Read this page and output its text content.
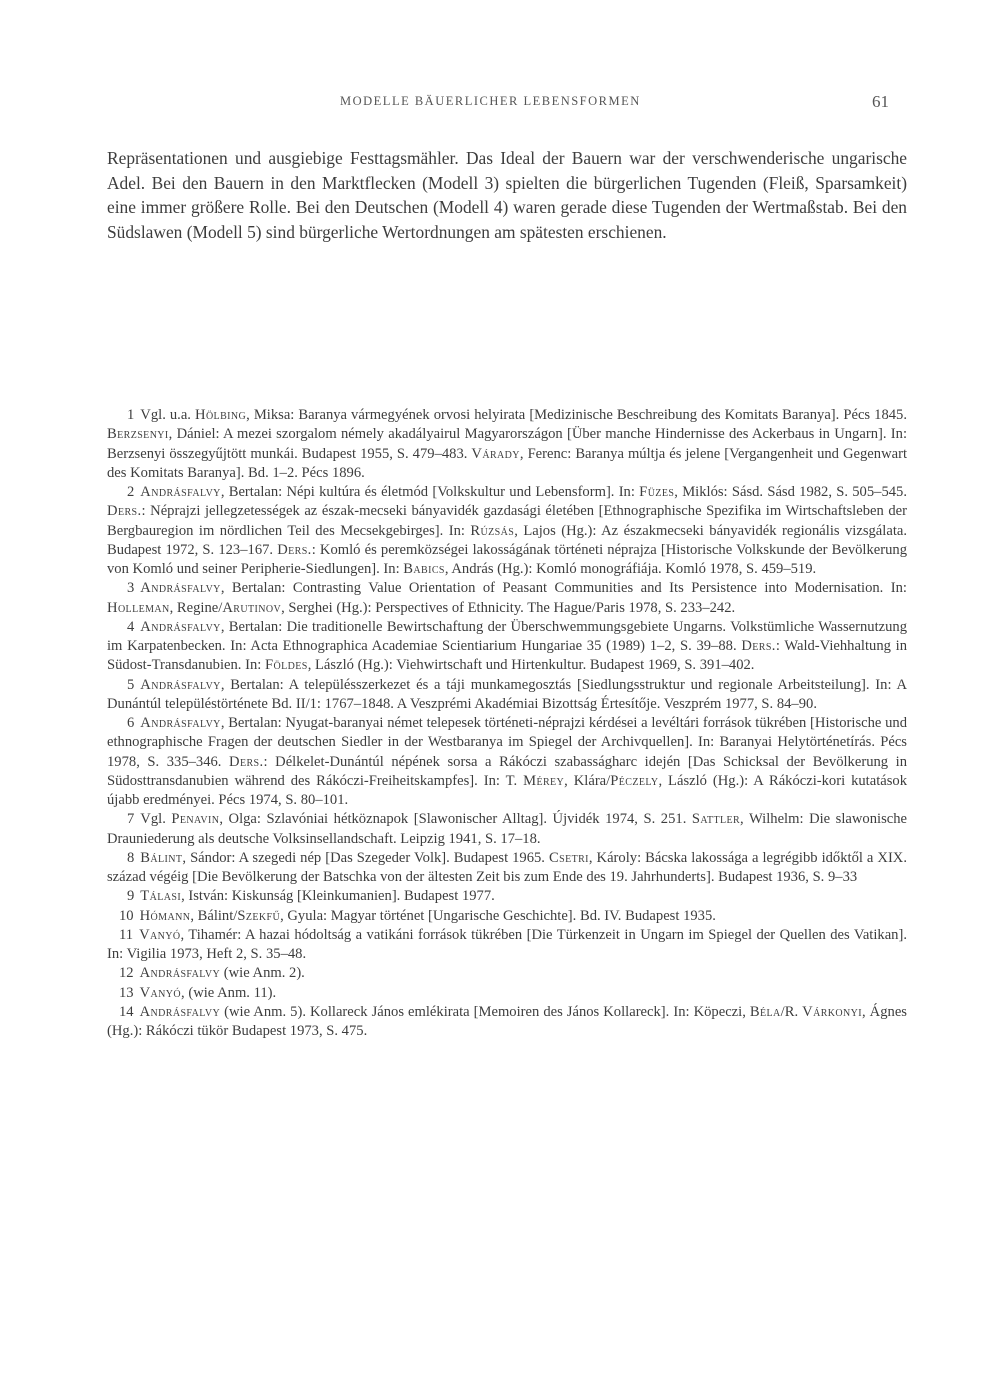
MODELLE BÄUERLICHER LEBENSFORMEN	61

Repräsentationen und ausgiebige Festtagsmähler. Das Ideal der Bauern war der verschwenderische ungarische Adel. Bei den Bauern in den Marktflecken (Modell 3) spielten die bürgerlichen Tugenden (Fleiß, Sparsamkeit) eine immer größere Rolle. Bei den Deutschen (Modell 4) waren gerade diese Tugenden der Wertmaßstab. Bei den Südslawen (Modell 5) sind bürgerliche Wertordnungen am spätesten erschienen.

1 Vgl. u.a. Hölbing, Miksa: Baranya vármegyének orvosi helyirata [Medizinische Beschreibung des Komitats Baranya]. Pécs 1845. Berzsenyi, Dániel: A mezei szorgalom némely akadályairul Magyarországon [Über manche Hindernisse des Ackerbaus in Ungarn]. In: Berzsenyi összegyűjtött munkái. Budapest 1955, S. 479–483. Várady, Ferenc: Baranya múltja és jelene [Vergangenheit und Gegenwart des Komitats Baranya]. Bd. 1–2. Pécs 1896.
2 Andrásfalvy, Bertalan: Népi kultúra és életmód [Volkskultur und Lebensform]. In: Füzes, Miklós: Sásd. Sásd 1982, S. 505–545. Ders.: Néprajzi jellegzetességek az észak-mecseki bányavidék gazdasági életében [Ethnographische Spezifika im Wirtschaftsleben der Bergbauregion im nördlichen Teil des Mecsekgebirges]. In: Rúzsás, Lajos (Hg.): Az északmecseki bányavidék regionális vizsgálata. Budapest 1972, S. 123–167. Ders.: Komló és peremközségei lakosságának történeti néprajza [Historische Volkskunde der Bevölkerung von Komló und seiner Peripherie-Siedlungen]. In: Babics, András (Hg.): Komló monográfiája. Komló 1978, S. 459–519.
3 Andrásfalvy, Bertalan: Contrasting Value Orientation of Peasant Communities and Its Persistence into Modernisation. In: Holleman, Regine/Arutinov, Serghei (Hg.): Perspectives of Ethnicity. The Hague/Paris 1978, S. 233–242.
4 Andrásfalvy, Bertalan: Die traditionelle Bewirtschaftung der Überschwemmungsgebiete Ungarns. Volkstümliche Wassernutzung im Karpatenbecken. In: Acta Ethnographica Academiae Scientiarium Hungariae 35 (1989) 1–2, S. 39–88. Ders.: Wald-Viehhaltung in Südost-Transdanubien. In: Földes, László (Hg.): Viehwirtschaft und Hirtenkultur. Budapest 1969, S. 391–402.
5 Andrásfalvy, Bertalan: A településszerkezet és a táji munkamegosztás [Siedlungsstruktur und regionale Arbeitsteilung]. In: A Dunántúl településtörténete Bd. II/1: 1767–1848. A Veszprémi Akadémiai Bizottság Értesítője. Veszprém 1977, S. 84–90.
6 Andrásfalvy, Bertalan: Nyugat-baranyai német telepesek történeti-néprajzi kérdései a levéltári források tükrében [Historische und ethnographische Fragen der deutschen Siedler in der Westbaranya im Spiegel der Archivquellen]. In: Baranyai Helytörténetírás. Pécs 1978, S. 335–346. Ders.: Délkelet-Dunántúl népének sorsa a Rákóczi szabasságharc idején [Das Schicksal der Bevölkerung in Südosttransdanubien während des Rákóczi-Freiheitskampfes]. In: T. Mérey, Klára/Péczely, László (Hg.): A Rákóczi-kori kutatások újabb eredményei. Pécs 1974, S. 80–101.
7 Vgl. Penavin, Olga: Szlavóniai hétköznapok [Slawonischer Alltag]. Újvidék 1974, S. 251. Sattler, Wilhelm: Die slawonische Drauniederung als deutsche Volksinsellandschaft. Leipzig 1941, S. 17–18.
8 Bálint, Sándor: A szegedi nép [Das Szegeder Volk]. Budapest 1965. Csetri, Károly: Bácska lakossága a legrégibb időktől a XIX. század végéig [Die Bevölkerung der Batschka von der ältesten Zeit bis zum Ende des 19. Jahrhunderts]. Budapest 1936, S. 9–33
9 Tálasi, István: Kiskunság [Kleinkumanien]. Budapest 1977.
10 Hómann, Bálint/Szekfű, Gyula: Magyar történet [Ungarische Geschichte]. Bd. IV. Budapest 1935.
11 Vanyó, Tihamér: A hazai hódoltság a vatikáni források tükrében [Die Türkenzeit in Ungarn im Spiegel der Quellen des Vatikan]. In: Vigilia 1973, Heft 2, S. 35–48.
12 Andrásfalvy (wie Anm. 2).
13 Vanyó, (wie Anm. 11).
14 Andrásfalvy (wie Anm. 5). Kollareck János emlékirata [Memoiren des János Kollareck]. In: Köpeczi, Béla/R. Várkonyi, Ágnes (Hg.): Rákóczi tükör Budapest 1973, S. 475.
